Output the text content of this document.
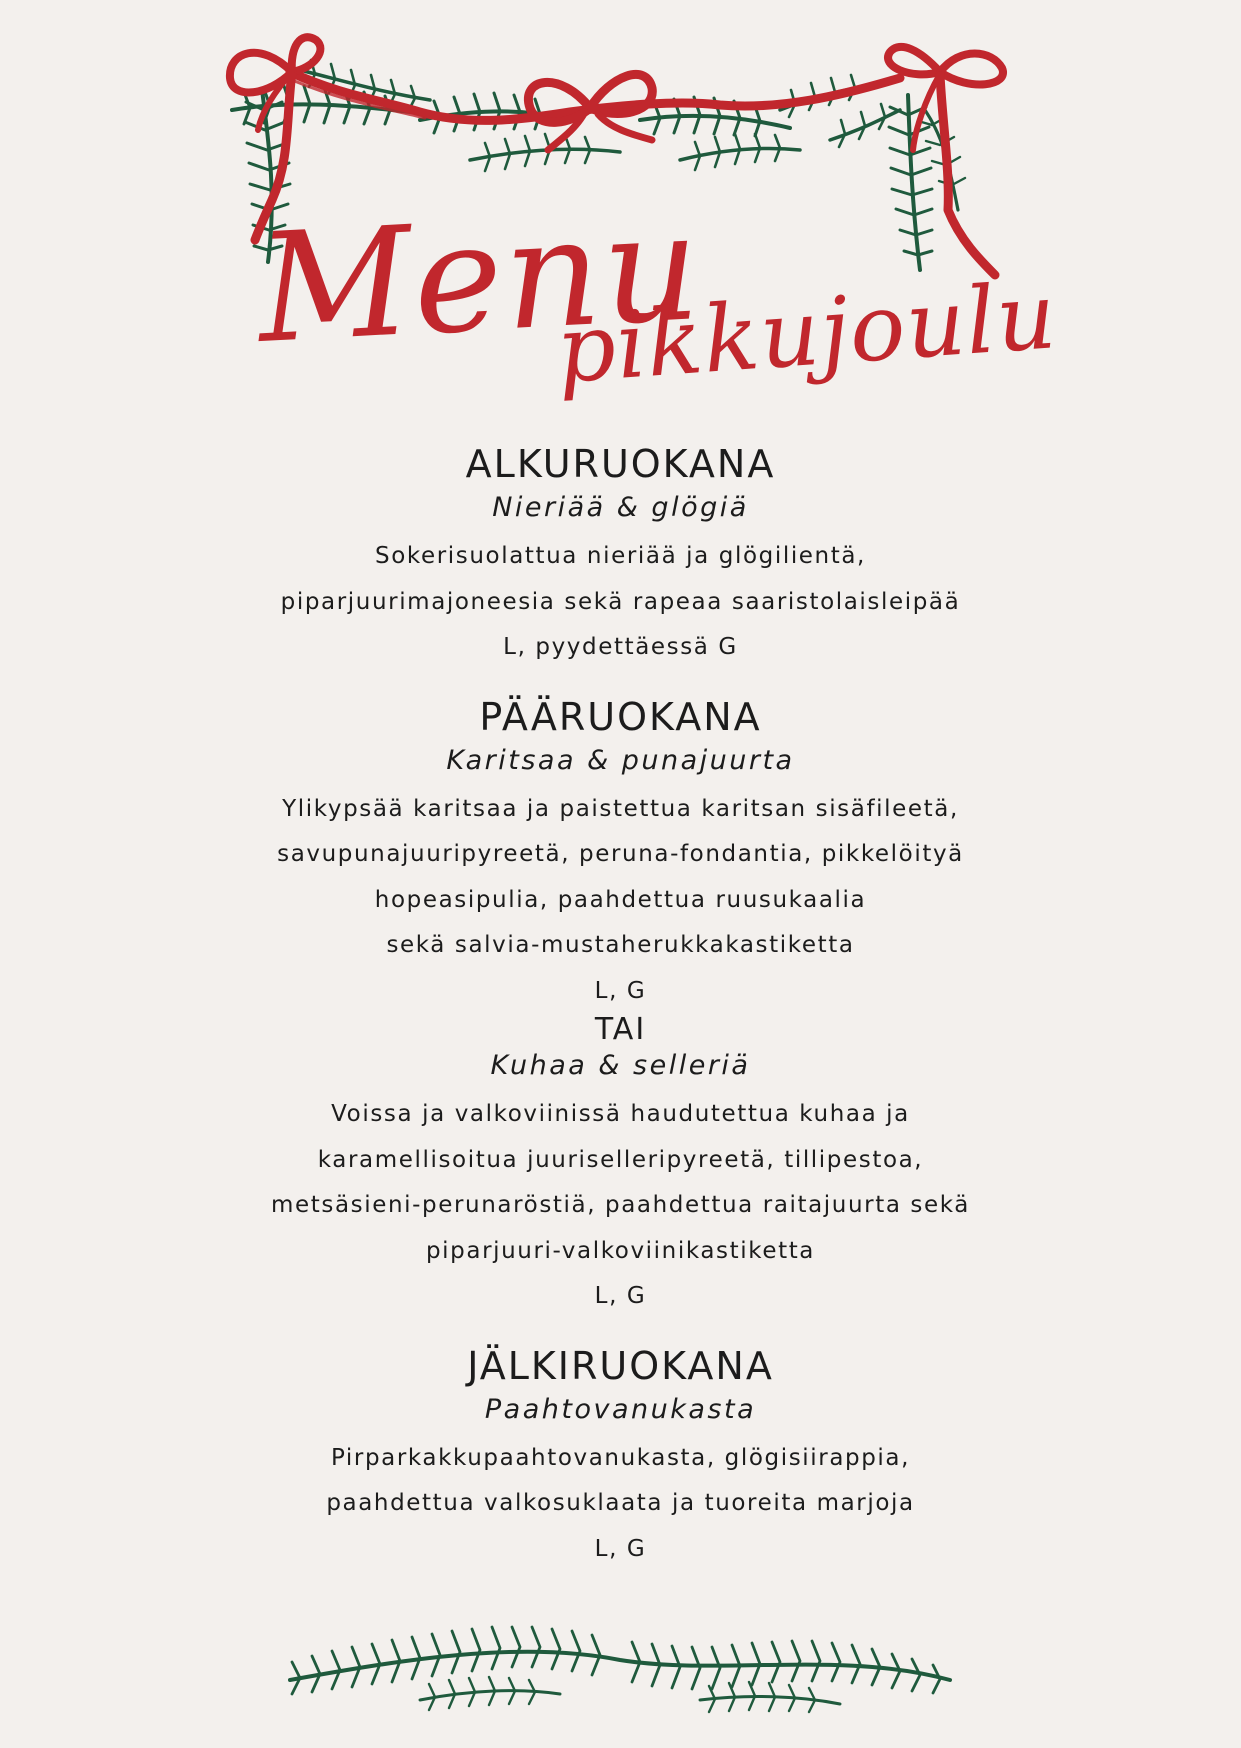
Menu
pikkujoulu
ALKURUOKANA
Nieriää & glögiä
Sokerisuolattua nieriää ja glögilientä,
piparjuurimajoneesia sekä rapeaa saaristolaisleipää
L, pyydettäessä G
PÄÄRUOKANA
Karitsaa & punajuurta
Ylikypsää karitsaa ja paistettua karitsan sisäfileetä,
savupunajuuripyreetä, peruna-fondantia, pikkelöityä
hopeasipulia, paahdettua ruusukaalia
sekä salvia-mustaherukkakastiketta
L, G
TAI
Kuhaa & selleriä
Voissa ja valkoviinissä haudutettua kuhaa ja
karamellisoitua juuriselleripyreetä, tillipestoa,
metsäsieni-perunaröstiä, paahdettua raitajuurta sekä
piparjuuri-valkoviinikastiketta
L, G
JÄLKIRUOKANA
Paahtovanukasta
Pirparkakkupaahtovanukasta, glögisiirappia,
paahdettua valkosuklaata ja tuoreita marjoja
L, G
